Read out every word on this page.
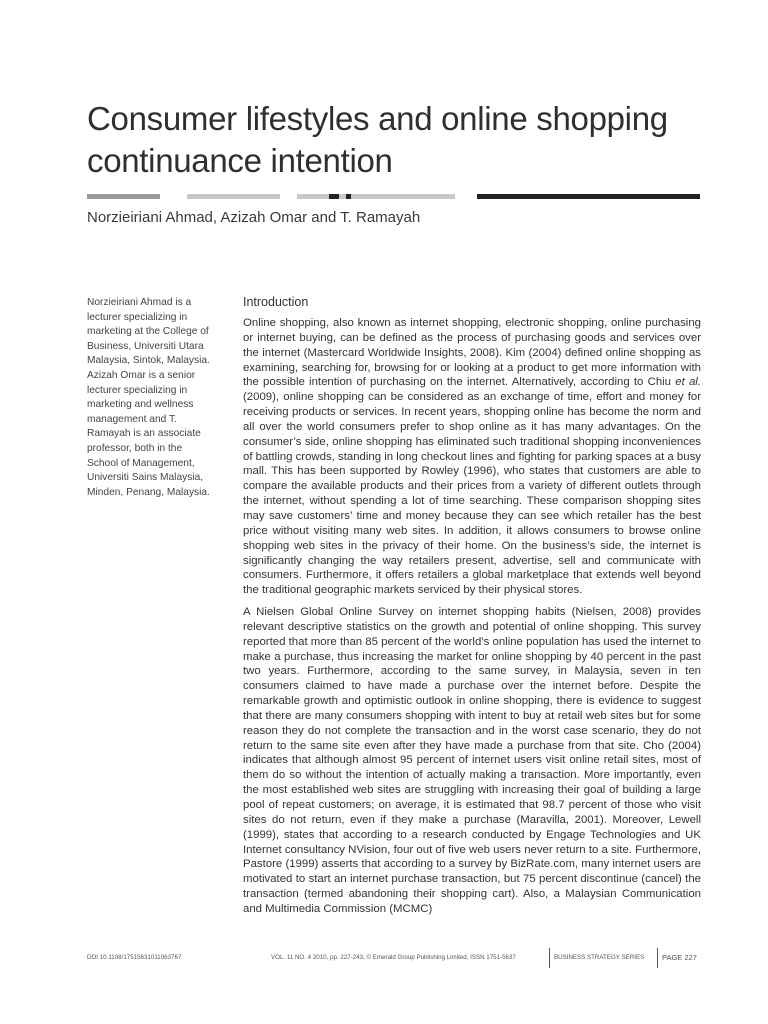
Consumer lifestyles and online shopping continuance intention

Norzieiriani Ahmad, Azizah Omar and T. Ramayah

Norzieiriani Ahmad is a lecturer specializing in marketing at the College of Business, Universiti Utara Malaysia, Sintok, Malaysia. Azizah Omar is a senior lecturer specializing in marketing and wellness management and T. Ramayah is an associate professor, both in the School of Management, Universiti Sains Malaysia, Minden, Penang, Malaysia.

Introduction

Online shopping, also known as internet shopping, electronic shopping, online purchasing or internet buying, can be defined as the process of purchasing goods and services over the internet (Mastercard Worldwide Insights, 2008). Kim (2004) defined online shopping as examining, searching for, browsing for or looking at a product to get more information with the possible intention of purchasing on the internet. Alternatively, according to Chiu et al. (2009), online shopping can be considered as an exchange of time, effort and money for receiving products or services. In recent years, shopping online has become the norm and all over the world consumers prefer to shop online as it has many advantages. On the consumer’s side, online shopping has eliminated such traditional shopping inconveniences of battling crowds, standing in long checkout lines and fighting for parking spaces at a busy mall. This has been supported by Rowley (1996), who states that customers are able to compare the available products and their prices from a variety of different outlets through the internet, without spending a lot of time searching. These comparison shopping sites may save customers’ time and money because they can see which retailer has the best price without visiting many web sites. In addition, it allows consumers to browse online shopping web sites in the privacy of their home. On the business’s side, the internet is significantly changing the way retailers present, advertise, sell and communicate with consumers. Furthermore, it offers retailers a global marketplace that extends well beyond the traditional geographic markets serviced by their physical stores.

A Nielsen Global Online Survey on internet shopping habits (Nielsen, 2008) provides relevant descriptive statistics on the growth and potential of online shopping. This survey reported that more than 85 percent of the world’s online population has used the internet to make a purchase, thus increasing the market for online shopping by 40 percent in the past two years. Furthermore, according to the same survey, in Malaysia, seven in ten consumers claimed to have made a purchase over the internet before. Despite the remarkable growth and optimistic outlook in online shopping, there is evidence to suggest that there are many consumers shopping with intent to buy at retail web sites but for some reason they do not complete the transaction and in the worst case scenario, they do not return to the same site even after they have made a purchase from that site. Cho (2004) indicates that although almost 95 percent of internet users visit online retail sites, most of them do so without the intention of actually making a transaction. More importantly, even the most established web sites are struggling with increasing their goal of building a large pool of repeat customers; on average, it is estimated that 98.7 percent of those who visit sites do not return, even if they make a purchase (Maravilla, 2001). Moreover, Lewell (1999), states that according to a research conducted by Engage Technologies and UK Internet consultancy NVision, four out of five web users never return to a site. Furthermore, Pastore (1999) asserts that according to a survey by BizRate.com, many internet users are motivated to start an internet purchase transaction, but 75 percent discontinue (cancel) the transaction (termed abandoning their shopping cart). Also, a Malaysian Communication and Multimedia Commission (MCMC)

DOI 10.1108/17515631011063767	VOL. 11 NO. 4 2010, pp. 227-243, © Emerald Group Publishing Limited, ISSN 1751-5637	BUSINESS STRATEGY SERIES PAGE 227
